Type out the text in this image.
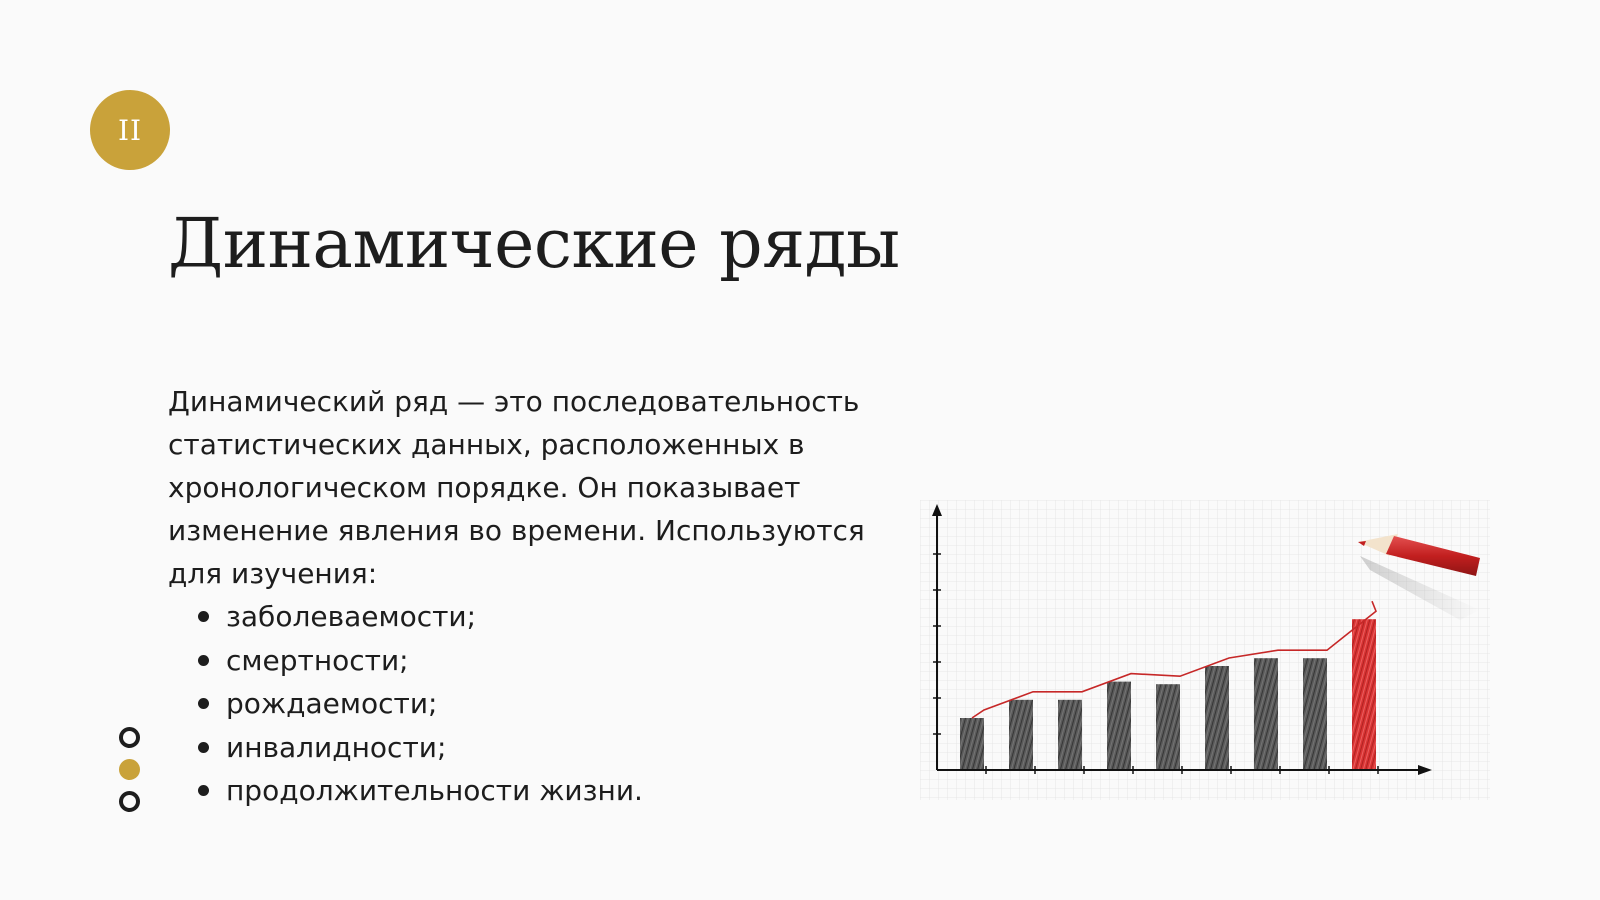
II
Динамические ряды

Динамический ряд — это последовательность статистических данных, расположенных в хронологическом порядке. Он показывает изменение явления во времени. Используются для изучения:

заболеваемости;
смертности;
рождаемости;
инвалидности;
продолжительности жизни.
